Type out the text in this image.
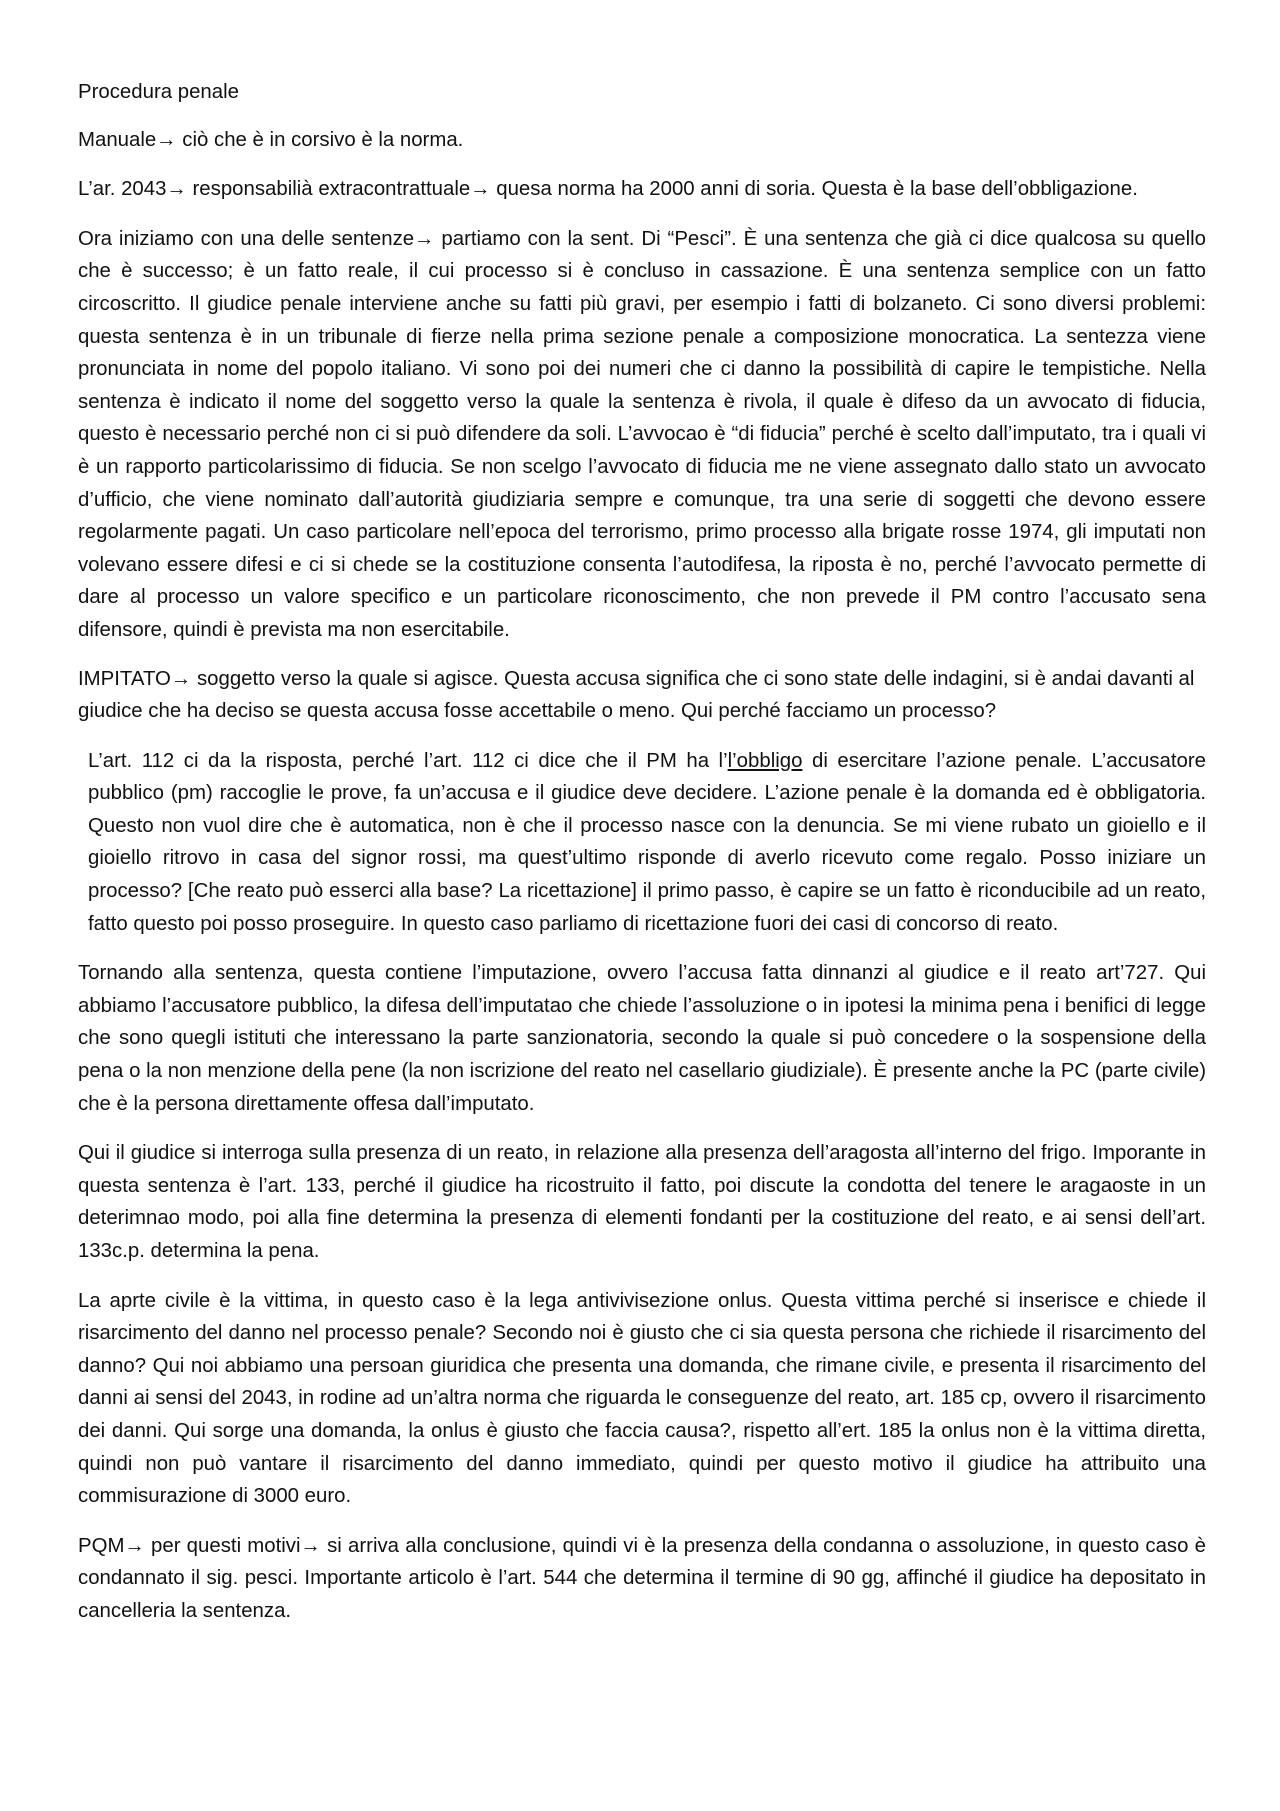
Procedura penale

Manuale→ ciò che è in corsivo è la norma.

L’ar. 2043→ responsabilià extracontrattuale→ quesa norma ha 2000 anni di soria. Questa è la base dell’obbligazione.

Ora iniziamo con una delle sentenze→ partiamo con la sent. Di “Pesci”. È una sentenza che già ci dice qualcosa su quello che è successo; è un fatto reale, il cui processo si è concluso in cassazione. È una sentenza semplice con un fatto circoscritto. Il giudice penale interviene anche su fatti più gravi, per esempio i fatti di bolzaneto. Ci sono diversi problemi: questa sentenza è in un tribunale di fierze nella prima sezione penale a composizione monocratica. La sentezza viene pronunciata in nome del popolo italiano. Vi sono poi dei numeri che ci danno la possibilità di capire le tempistiche. Nella sentenza è indicato il nome del soggetto verso la quale la sentenza è rivola, il quale è difeso da un avvocato di fiducia, questo è necessario perché non ci si può difendere da soli. L’avvocao è “di fiducia” perché è scelto dall’imputato, tra i quali vi è un rapporto particolarissimo di fiducia. Se non scelgo l’avvocato di fiducia me ne viene assegnato dallo stato un avvocato d’ufficio, che viene nominato dall’autorità giudiziaria sempre e comunque, tra una serie di soggetti che devono essere regolarmente pagati. Un caso particolare nell’epoca del terrorismo, primo processo alla brigate rosse 1974, gli imputati non volevano essere difesi e ci si chede se la costituzione consenta l’autodifesa, la riposta è no, perché l’avvocato permette di dare al processo un valore specifico e un particolare riconoscimento, che non prevede il PM contro l’accusato sena difensore, quindi è prevista ma non esercitabile.

IMPITATO→ soggetto verso la quale si agisce. Questa accusa significa che ci sono state delle indagini, si è andai davanti al giudice che ha deciso se questa accusa fosse accettabile o meno. Qui perché facciamo un processo?

L’art. 112 ci da la risposta, perché l’art. 112 ci dice che il PM ha l’l’obbligo di esercitare l’azione penale. L’accusatore pubblico (pm) raccoglie le prove, fa un’accusa e il giudice deve decidere. L’azione penale è la domanda ed è obbligatoria. Questo non vuol dire che è automatica, non è che il processo nasce con la denuncia. Se mi viene rubato un gioiello e il gioiello ritrovo in casa del signor rossi, ma quest’ultimo risponde di averlo ricevuto come regalo. Posso iniziare un processo? [Che reato può esserci alla base? La ricettazione] il primo passo, è capire se un fatto è riconducibile ad un reato, fatto questo poi posso proseguire. In questo caso parliamo di ricettazione fuori dei casi di concorso di reato.

Tornando alla sentenza, questa contiene l’imputazione, ovvero l’accusa fatta dinnanzi al giudice e il reato art’727. Qui abbiamo l’accusatore pubblico, la difesa dell’imputatao che chiede l’assoluzione o in ipotesi la minima pena i benifici di legge che sono quegli istituti che interessano la parte sanzionatoria, secondo la quale si può concedere o la sospensione della pena o la non menzione della pene (la non iscrizione del reato nel casellario giudiziale). È presente anche la PC (parte civile) che è la persona direttamente offesa dall’imputato.

Qui il giudice si interroga sulla presenza di un reato, in relazione alla presenza dell’aragosta all’interno del frigo. Imporante in questa sentenza è l’art. 133, perché il giudice ha ricostruito il fatto, poi discute la condotta del tenere le aragaoste in un deterimnao modo, poi alla fine determina la presenza di elementi fondanti per la costituzione del reato, e ai sensi dell’art. 133c.p. determina la pena.

La aprte civile è la vittima, in questo caso è la lega antivivisezione onlus. Questa vittima perché si inserisce e chiede il risarcimento del danno nel processo penale? Secondo noi è giusto che ci sia questa persona che richiede il risarcimento del danno? Qui noi abbiamo una persoan giuridica che presenta una domanda, che rimane civile, e presenta il risarcimento del danni ai sensi del 2043, in rodine ad un’altra norma che riguarda le conseguenze del reato, art. 185 cp, ovvero il risarcimento dei danni. Qui sorge una domanda, la onlus è giusto che faccia causa?, rispetto all’ert. 185 la onlus non è la vittima diretta, quindi non può vantare il risarcimento del danno immediato, quindi per questo motivo il giudice ha attribuito una commisurazione di 3000 euro.

PQM→ per questi motivi→ si arriva alla conclusione, quindi vi è la presenza della condanna o assoluzione, in questo caso è condannato il sig. pesci. Importante articolo è l’art. 544 che determina il termine di 90 gg, affinché il giudice ha depositato in cancelleria la sentenza.
